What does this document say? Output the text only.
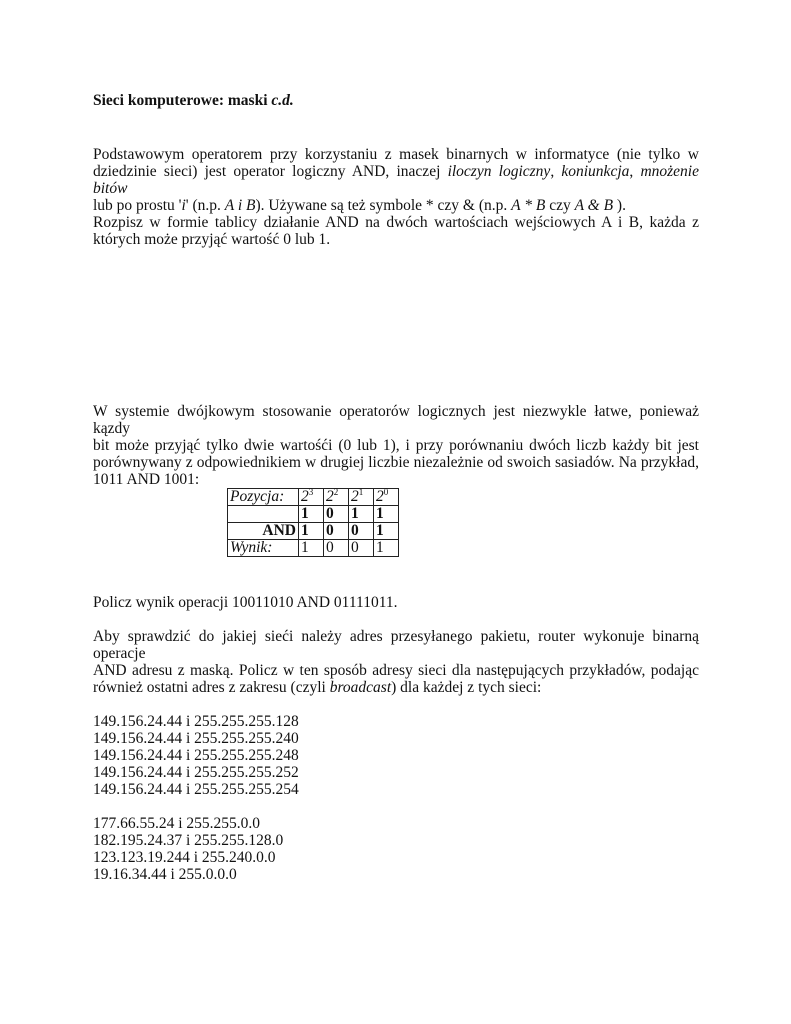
Sieci komputerowe: maski c.d.
Podstawowym operatorem przy korzystaniu z masek binarnych w informatyce (nie tylko w
dziedzinie sieci) jest operator logiczny AND, inaczej iloczyn logiczny, koniunkcja, mnożenie bitów
lub po prostu 'i' (n.p. A i B). Używane są też symbole * czy & (n.p. A * B czy A & B ).
Rozpisz w formie tablicy działanie AND na dwóch wartościach wejściowych A i B, każda z
których może przyjąć wartość 0 lub 1.
W systemie dwójkowym stosowanie operatorów logicznych jest niezwykle łatwe, ponieważ kązdy
bit może przyjąć tylko dwie wartośći (0 lub 1), i przy porównaniu dwóch liczb każdy bit jest
porównywany z odpowiednikiem w drugiej liczbie niezależnie od swoich sasiadów. Na przykład,
1011 AND 1001:
Pozycja:	$2^3$	$2^2$	$2^1$	$2^0$
	1	0	1	1
AND	1	0	0	1
Wynik:	1	0	0	1
Policz wynik operacji 10011010 AND 01111011.
Aby sprawdzić do jakiej sieći należy adres przesyłanego pakietu, router wykonuje binarną operacje
AND adresu z maską. Policz w ten sposób adresy sieci dla następujących przykładów, podając
również ostatni adres z zakresu (czyli broadcast) dla każdej z tych sieci:
149.156.24.44 i 255.255.255.128
149.156.24.44 i 255.255.255.240
149.156.24.44 i 255.255.255.248
149.156.24.44 i 255.255.255.252
149.156.24.44 i 255.255.255.254
177.66.55.24 i 255.255.0.0
182.195.24.37 i 255.255.128.0
123.123.19.244 i 255.240.0.0
19.16.34.44 i 255.0.0.0
